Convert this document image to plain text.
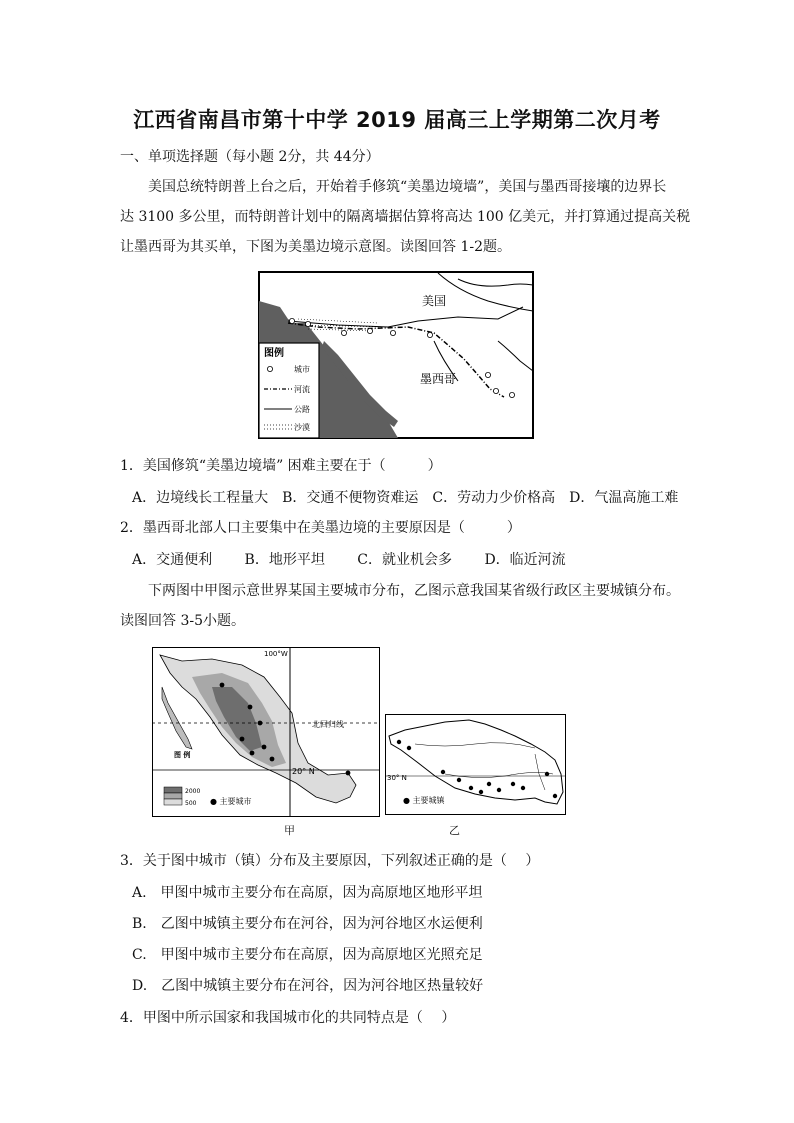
江西省南昌市第十中学 2019 届高三上学期第二次月考
一、单项选择题（每小题 2分，共 44分）
美国总统特朗普上台之后，开始着手修筑“美墨边境墙”，美国与墨西哥接壤的边界长
达 3100 多公里，而特朗普计划中的隔离墙据估算将高达 100 亿美元，并打算通过提高关税
让墨西哥为其买单，下图为美墨边境示意图。读图回答 1-2题。
美国
墨西哥
图例
城市
河流
公路
沙漠
1．美国修筑“美墨边境墙” 困难主要在于（　　　）
A．边境线长工程量大　B．交通不便物资难运　C．劳动力少价格高　D．气温高施工难
2．墨西哥北部人口主要集中在美墨边境的主要原因是（　　　）
A．交通便利　　 B．地形平坦　　 C．就业机会多　　 D．临近河流
下两图中甲图示意世界某国主要城市分布，乙图示意我国某省级行政区主要城镇分布。
读图回答 3-5小题。
100°W
北回归线
20° N
图 例
2000
500 ● 主要城市
甲
30° N
● 主要城镇
乙
3．关于图中城市（镇）分布及主要原因，下列叙述正确的是（　 ）
A.　甲图中城市主要分布在高原，因为高原地区地形平坦
B.　乙图中城镇主要分布在河谷，因为河谷地区水运便利
C.　甲图中城市主要分布在高原，因为高原地区光照充足
D.　乙图中城镇主要分布在河谷，因为河谷地区热量较好
4．甲图中所示国家和我国城市化的共同特点是（　 ）
